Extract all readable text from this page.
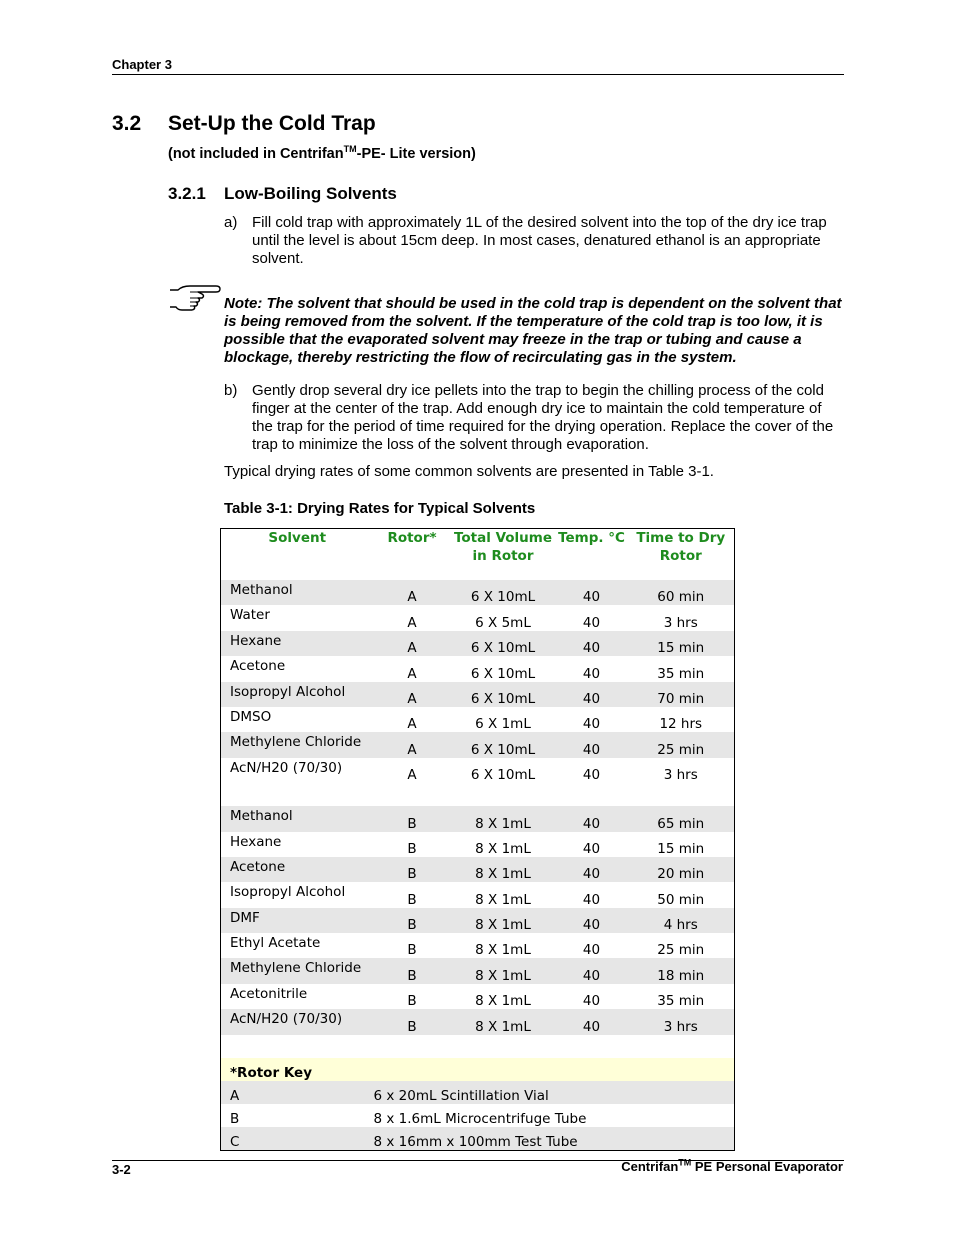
Chapter 3
3.2 Set-Up the Cold Trap
(not included in Centrifan™-PE- Lite version)
3.2.1 Low-Boiling Solvents
a) Fill cold trap with approximately 1L of the desired solvent into the top of the dry ice trap until the level is about 15cm deep. In most cases, denatured ethanol is an appropriate solvent.
Note: The solvent that should be used in the cold trap is dependent on the solvent that is being removed from the solvent. If the temperature of the cold trap is too low, it is possible that the evaporated solvent may freeze in the trap or tubing and cause a blockage, thereby restricting the flow of recirculating gas in the system.
b) Gently drop several dry ice pellets into the trap to begin the chilling process of the cold finger at the center of the trap. Add enough dry ice to maintain the cold temperature of the trap for the period of time required for the drying operation. Replace the cover of the trap to minimize the loss of the solvent through evaporation.
Typical drying rates of some common solvents are presented in Table 3-1.
Table 3-1: Drying Rates for Typical Solvents
Solvent	Rotor*	Total Volume in Rotor	Temp. °C	Time to Dry Rotor
Methanol	A	6 X 10mL	40	60 min
Water	A	6 X 5mL	40	3 hrs
Hexane	A	6 X 10mL	40	15 min
Acetone	A	6 X 10mL	40	35 min
Isopropyl Alcohol	A	6 X 10mL	40	70 min
DMSO	A	6 X 1mL	40	12 hrs
Methylene Chloride	A	6 X 10mL	40	25 min
AcN/H20 (70/30)	A	6 X 10mL	40	3 hrs

Methanol	B	8 X 1mL	40	65 min
Hexane	B	8 X 1mL	40	15 min
Acetone	B	8 X 1mL	40	20 min
Isopropyl Alcohol	B	8 X 1mL	40	50 min
DMF	B	8 X 1mL	40	4 hrs
Ethyl Acetate	B	8 X 1mL	40	25 min
Methylene Chloride	B	8 X 1mL	40	18 min
Acetonitrile	B	8 X 1mL	40	35 min
AcN/H20 (70/30)	B	8 X 1mL	40	3 hrs

*Rotor Key				
A	6 x 20mL Scintillation Vial			
B	8 x 1.6mL Microcentrifuge Tube			
C	8 x 16mm x 100mm Test Tube			
3-2	Centrifan™ PE Personal Evaporator
